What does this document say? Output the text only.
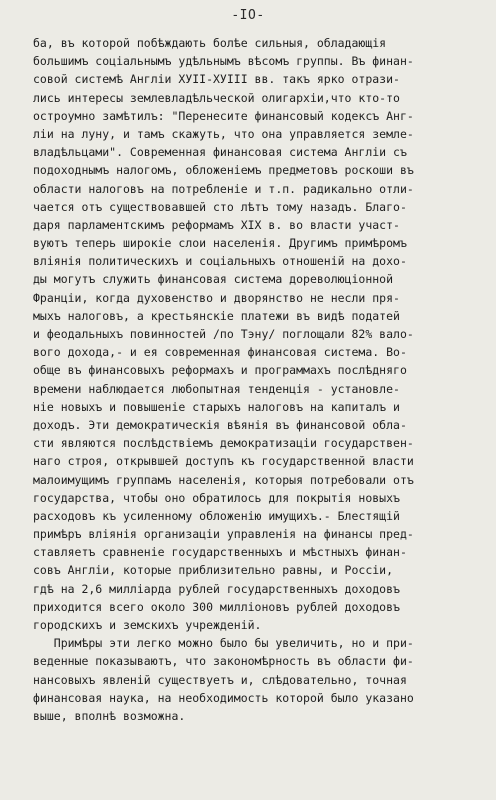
-IO-
ба, въ которой побѣждають болѣе сильныя, обладающія
большимъ соціальнымъ удѣльнымъ вѣсомъ группы. Въ финан-
совой системѣ Англіи ХУII-ХУIII вв. такъ ярко отрази-
лись интересы землевладѣльческой олигархіи,что кто-то
остроумно замѣтилъ: "Перенесите финансовый кодексъ Анг-
ліи на луну, и тамъ скажуть, что она управляется земле-
владѣльцами". Современная финансовая система Англіи съ
подоходнымъ налогомъ, обложеніемъ предметовъ роскоши въ
области налоговъ на потребленіе и т.п. радикально отли-
чается отъ существовавшей сто лѣтъ тому назадъ. Благо-
даря парламентскимъ реформамъ XIX в. во власти участ-
вуютъ теперь широкіе слои населенія. Другимъ примѣромъ
вліянія политическихъ и соціальныхъ отношеній на дохо-
ды могутъ служить финансовая система дореволюціонной
Франціи, когда духовенство и дворянство не несли пря-
мыхъ налоговъ, а крестьянскіе платежи въ видѣ податей
и феодальныхъ повинностей /по Тэну/ поглощали 82% вало-
вого дохода,- и ея современная финансовая система. Во-
обще въ финансовыхъ реформахъ и программахъ послѣдняго
времени наблюдается любопытная тенденція - установле-
ніе новыхъ и повышеніе старыхъ налоговъ на капиталъ и
доходъ. Эти демократическія вѣянія въ финансовой обла-
сти являются послѣдствіемъ демократизаціи государствен-
наго строя, открывшей доступъ къ государственной власти
малоимущимъ группамъ населенія, которыя потребовали отъ
государства, чтобы оно обратилось для покрытія новыхъ
расходовъ къ усиленному обложенію имущихъ.- Блестящій
примѣръ вліянія организаціи управленія на финансы пред-
ставляетъ сравненіе государственныхъ и мѣстныхъ финан-
совъ Англіи, которые приблизительно равны, и Россіи,
гдѣ на 2,6 милліарда рублей государственныхъ доходовъ
приходится всего около 300 милліоновъ рублей доходовъ
городскихъ и земскихъ учрежденій.
Примѣры эти легко можно было бы увеличить, но и при-
веденные показываютъ, что закономѣрность въ области фи-
нансовыхъ явленій существуетъ и, слѣдовательно, точная
финансовая наука, на необходимость которой было указано
выше, вполнѣ возможна.
